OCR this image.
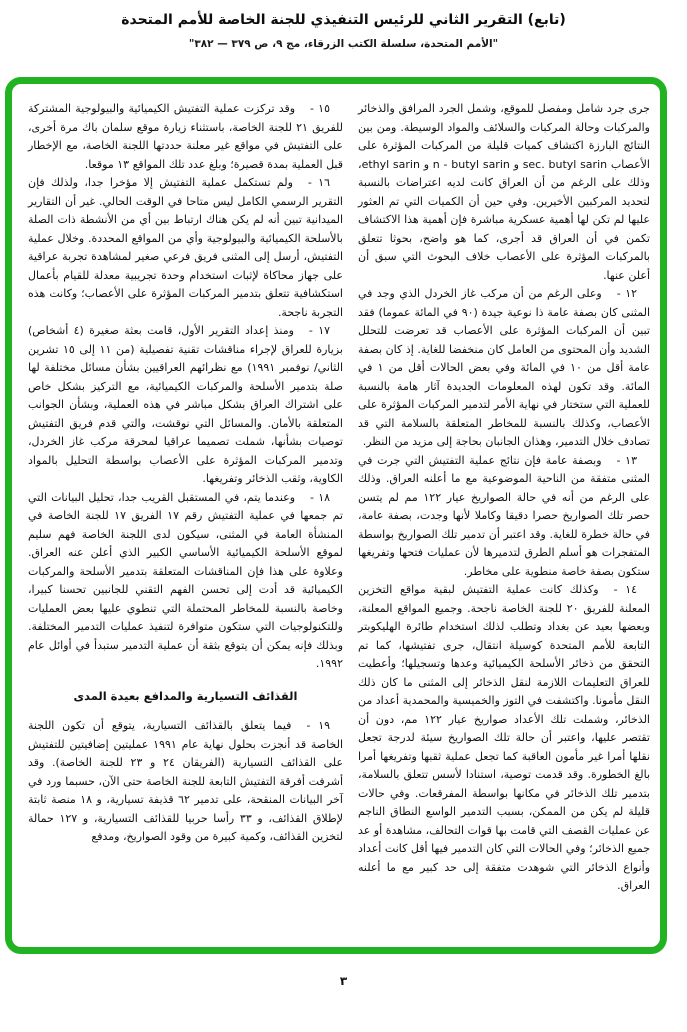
(تابع) التقرير الثاني للرئيس التنفيذي للجنة الخاصة للأمم المتحدة

"الأمم المتحدة، سلسلة الكتب الزرقاء، مج ٩، ص ٣٧٩ — ٣٨٢"

جرى جرد شامل ومفصل للموقع، وشمل الجرد المرافق والذخائر والمركبات وحالة المركبات والسلائف والمواد الوسيطة. ومن بين النتائج البارزة اكتشاف كميات قليلة من المركبات المؤثرة على الأعصاب sec. butyl sarin و n - butyl sarin و ethyl sarin، وذلك على الرغم من أن العراق كانت لديه اعتراضات بالنسبة لتحديد المركبين الأخيرين. وفي حين أن الكميات التي تم العثور عليها لم تكن لها أهمية عسكرية مباشرة فإن أهمية هذا الاكتشاف تكمن في أن العراق قد أجرى، كما هو واضح، بحوثا تتعلق بالمركبات المؤثرة على الأعصاب خلاف البحوث التي سبق أن أعلن عنها.

١٢ -وعلى الرغم من أن مركب غاز الخردل الذي وجد في المثنى كان بصفة عامة ذا نوعية جيدة (٩٠ في المائة عموما) فقد تبين أن المركبات المؤثرة على الأعصاب قد تعرضت للتحلل الشديد وأن المحتوى من العامل كان منخفضا للغاية. إذ كان بصفة عامة أقل من ١٠ في المائة وفي بعض الحالات أقل من ١ في المائة. وقد تكون لهذه المعلومات الجديدة آثار هامة بالنسبة للعملية التي ستختار في نهاية الأمر لتدمير المركبات المؤثرة على الأعصاب، وكذلك بالنسبة للمخاطر المتعلقة بالسلامة التي قد تصادف خلال التدمير، وهذان الجانبان بحاجة إلى مزيد من النظر.

١٣ -وبصفة عامة فإن نتائج عملية التفتيش التي جرت في المثنى متفقة من الناحية الموضوعية مع ما أعلنه العراق. وذلك على الرغم من أنه في حالة الصواريخ عيار ١٢٢ مم لم يتسن حصر تلك الصواريخ حصرا دقيقا وكاملا لأنها وجدت، بصفة عامة، في حالة خطرة للغاية. وقد اعتبر أن تدمير تلك الصواريخ بواسطة المتفجرات هو أسلم الطرق لتدميرها لأن عمليات فتحها وتفريغها ستكون بصفة خاصة منطوية على مخاطر.

١٤ -وكذلك كانت عملية التفتيش لبقية مواقع التخزين المعلنة للفريق ٢٠ للجنة الخاصة ناجحة. وجميع المواقع المعلنة، وبعضها بعيد عن بغداد وتطلب لذلك استخدام طائرة الهليكوبتر التابعة للأمم المتحدة كوسيلة انتقال، جرى تفتيشها، كما تم التحقق من ذخائر الأسلحة الكيميائية وعدها وتسجيلها؛ وأعطيت للعراق التعليمات اللازمة لنقل الذخائر إلى المثنى ما كان ذلك النقل مأمونا. واكتشفت في التوز والخميسية والمحمدية أعداد من الذخائر، وشملت تلك الأعداد صواريخ عيار ١٢٢ مم، دون أن تقتصر عليها، واعتبر أن حالة تلك الصواريخ سيئة لدرجة تجعل نقلها أمرا غير مأمون العاقبة كما تجعل عملية ثقبها وتفريغها أمرا بالغ الخطورة. وقد قدمت توصية، استنادا لأسس تتعلق بالسلامة، بتدمير تلك الذخائر في مكانها بواسطة المفرقعات. وفي حالات قليلة لم يكن من الممكن، بسبب التدمير الواسع النطاق الناجم عن عمليات القصف التي قامت بها قوات التحالف، مشاهدة أو عد جميع الذخائر؛ وفي الحالات التي كان التدمير فيها أقل كانت أعداد وأنواع الذخائر التي شوهدت متفقة إلى حد كبير مع ما أعلنه العراق.

١٥ -وقد تركزت عملية التفتيش الكيميائية والبيولوجية المشتركة للفريق ٢١ للجنة الخاصة، باستثناء زيارة موقع سلمان باك مرة أخرى، على التفتيش في مواقع غير معلنة حددتها اللجنة الخاصة، مع الإخطار قبل العملية بمدة قصيرة؛ وبلغ عدد تلك المواقع ١٣ موقعا.

١٦ -ولم تستكمل عملية التفتيش إلا مؤخرا جدا، ولذلك فإن التقرير الرسمي الكامل ليس متاحا في الوقت الحالي. غير أن التقارير الميدانية تبين أنه لم يكن هناك ارتباط بين أي من الأنشطة ذات الصلة بالأسلحة الكيميائية والبيولوجية وأي من المواقع المحددة. وخلال عملية التفتيش، أرسل إلى المثنى فريق فرعي صغير لمشاهدة تجربة عراقية على جهاز محاكاة لإثبات استخدام وحدة تجريبية معدلة للقيام بأعمال استكشافية تتعلق بتدمير المركبات المؤثرة على الأعصاب؛ وكانت هذه التجربة ناجحة.

١٧ -ومنذ إعداد التقرير الأول، قامت بعثة صغيرة (٤ أشخاص) بزيارة للعراق لإجراء مناقشات تقنية تفصيلية (من ١١ إلى ١٥ تشرين الثاني/ نوفمبر ١٩٩١) مع نظرائهم العراقيين بشأن مسائل مختلفة لها صلة بتدمير الأسلحة والمركبات الكيميائية، مع التركيز بشكل خاص على اشتراك العراق بشكل مباشر في هذه العملية، وبشأن الجوانب المتعلقة بالأمان. والمسائل التي نوقشت، والتي قدم فريق التفتيش توصيات بشأنها، شملت تصميما عراقيا لمحرقة مركب غاز الخردل، وتدمير المركبات المؤثرة على الأعصاب بواسطة التحليل بالمواد الكاوية، وثقب الذخائر وتفريغها.

١٨ -وعندما يتم، في المستقبل القريب جدا، تحليل البيانات التي تم جمعها في عملية التفتيش رقم ١٧ الفريق ١٧ للجنة الخاصة في المنشأة العامة في المثنى، سيكون لدى اللجنة الخاصة فهم سليم لموقع الأسلحة الكيميائية الأساسي الكبير الذي أعلن عنه العراق. وعلاوة على هذا فإن المناقشات المتعلقة بتدمير الأسلحة والمركبات الكيميائية قد أدت إلى تحسن الفهم التقني للجانبين تحسنا كبيرا، وخاصة بالنسبة للمخاطر المحتملة التي تنطوي عليها بعض العمليات وللتكنولوجيات التي ستكون متوافرة لتنفيذ عمليات التدمير المختلفة. وبذلك فإنه يمكن أن يتوقع بثقة أن عملية التدمير ستبدأ في أوائل عام ١٩٩٢.

القذائف التسيارية والمدافع بعيدة المدى

١٩ -فيما يتعلق بالقذائف التسيارية، يتوقع أن تكون اللجنة الخاصة قد أنجزت بحلول نهاية عام ١٩٩١ عمليتين إضافيتين للتفتيش على القذائف التسيارية (الفريقان ٢٤ و ٢٣ للجنة الخاصة). وقد أشرفت أفرقة التفتيش التابعة للجنة الخاصة حتى الآن، حسبما ورد في آخر البيانات المنقحة، على تدمير ٦٢ قذيفة تسيارية، و ١٨ منصة ثابتة لإطلاق القذائف، و ٣٣ رأسا حربيا للقذائف التسيارية، و ١٢٧ حمالة لتخزين القذائف، وكمية كبيرة من وقود الصواريخ، ومدفع

٣
